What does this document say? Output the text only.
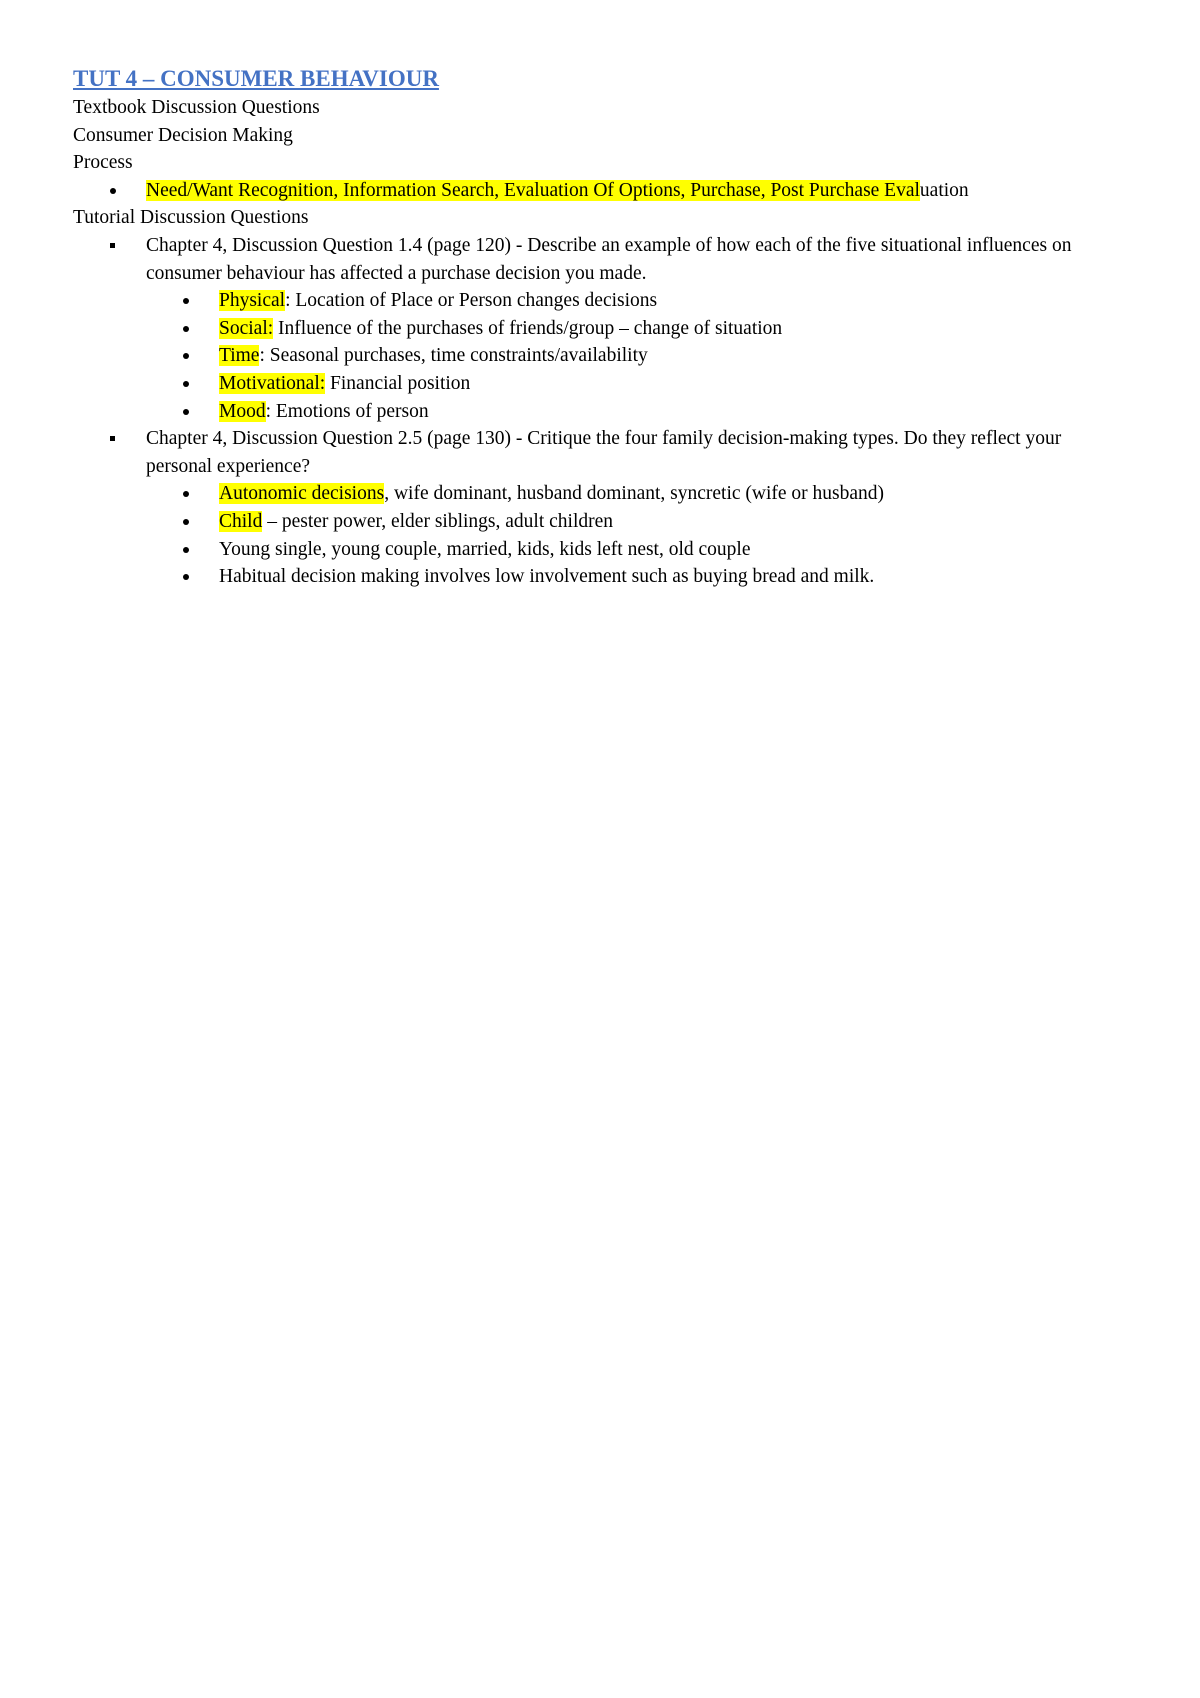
TUT 4 – CONSUMER BEHAVIOUR

Textbook Discussion Questions

Consumer Decision Making

Process

Need/Want Recognition, Information Search, Evaluation Of Options, Purchase, Post Purchase Evaluation

Tutorial Discussion Questions

Chapter 4, Discussion Question 1.4 (page 120) - Describe an example of how each of the five situational influences on consumer behaviour has affected a purchase decision you made.
Physical: Location of Place or Person changes decisions
Social: Influence of the purchases of friends/group – change of situation
Time: Seasonal purchases, time constraints/availability
Motivational: Financial position
Mood: Emotions of person
Chapter 4, Discussion Question 2.5 (page 130) - Critique the four family decision-making types. Do they reflect your personal experience?
Autonomic decisions, wife dominant, husband dominant, syncretic (wife or husband)
Child – pester power, elder siblings, adult children
Young single, young couple, married, kids, kids left nest, old couple
Habitual decision making involves low involvement such as buying bread and milk.
